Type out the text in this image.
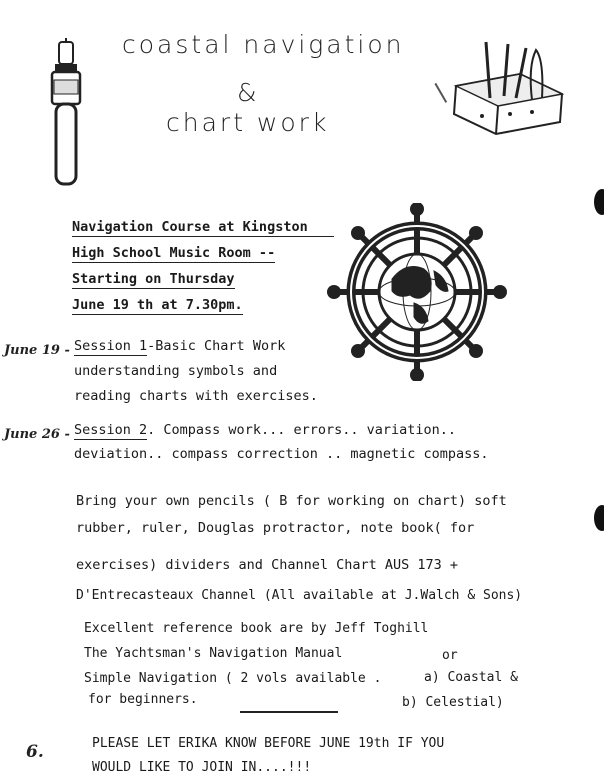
coastal navigation
&
chart work
Navigation Course at Kingston
High School Music Room --
Starting on Thursday
June 19 th at 7.30pm.
June 19 - Session 1-Basic Chart Work
understanding symbols and
reading charts with exercises.
June 26 - Session 2. Compass work... errors.. variation..
deviation.. compass correction .. magnetic compass.
Bring your own pencils ( B for working on chart) soft
rubber, ruler, Douglas protractor, note book( for
exercises) dividers and Channel Chart AUS 173 +
D'Entrecasteaux Channel (All available at J.Walch & Sons)
Excellent reference book are by Jeff Toghill
The Yachtsman's Navigation Manual	or
Simple Navigation ( 2 vols available .	a) Coastal &
for beginners.	b) Celestial)
6.	PLEASE LET ERIKA KNOW BEFORE JUNE 19th IF YOU
WOULD LIKE TO JOIN IN....!!!
